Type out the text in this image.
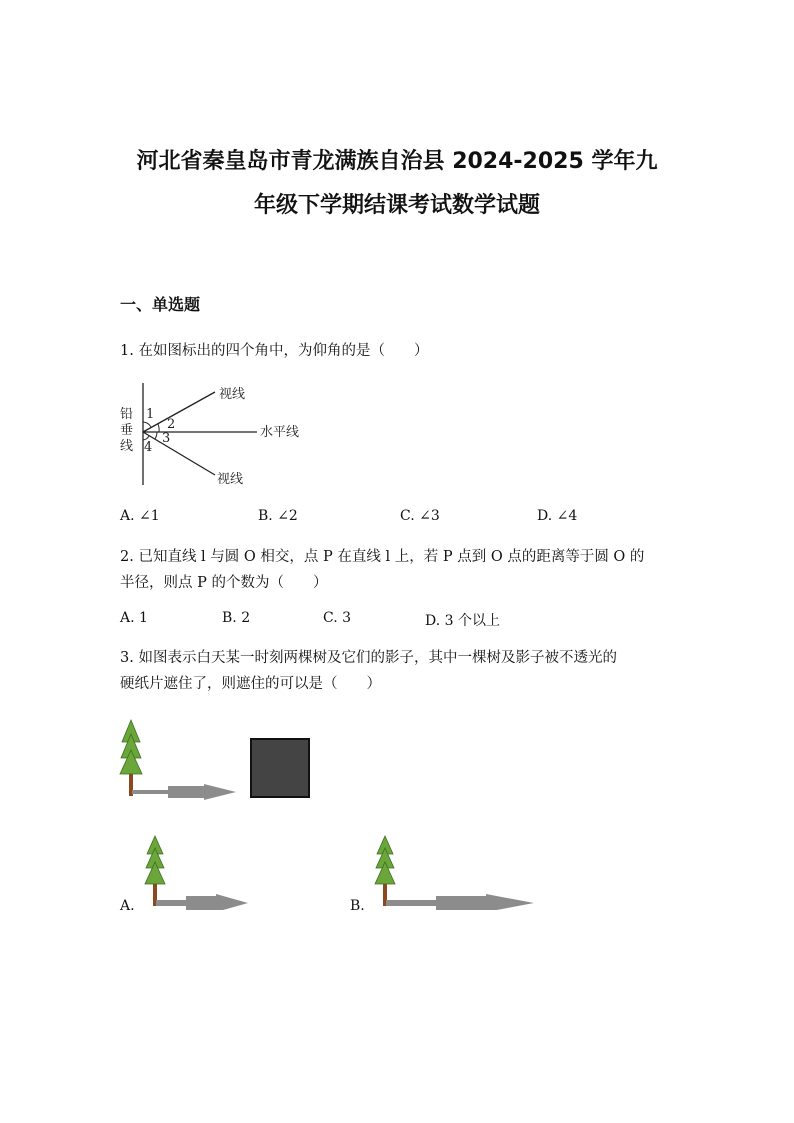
河北省秦皇岛市青龙满族自治县 2024-2025 学年九
年级下学期结课考试数学试题
一、单选题
1. 在如图标出的四个角中，为仰角的是（　　）
铅
垂
线
1
2
3
4
视线
水平线
视线
A. ∠1	B. ∠2	C. ∠3	D. ∠4
2. 已知直线 l 与圆 O 相交，点 P 在直线 l 上，若 P 点到 O 点的距离等于圆 O 的
半径，则点 P 的个数为（　　）
A. 1	B. 2	C. 3	D. 3 个以上
3. 如图表示白天某一时刻两棵树及它们的影子，其中一棵树及影子被不透光的
硬纸片遮住了，则遮住的可以是（　　）
A.	B.
